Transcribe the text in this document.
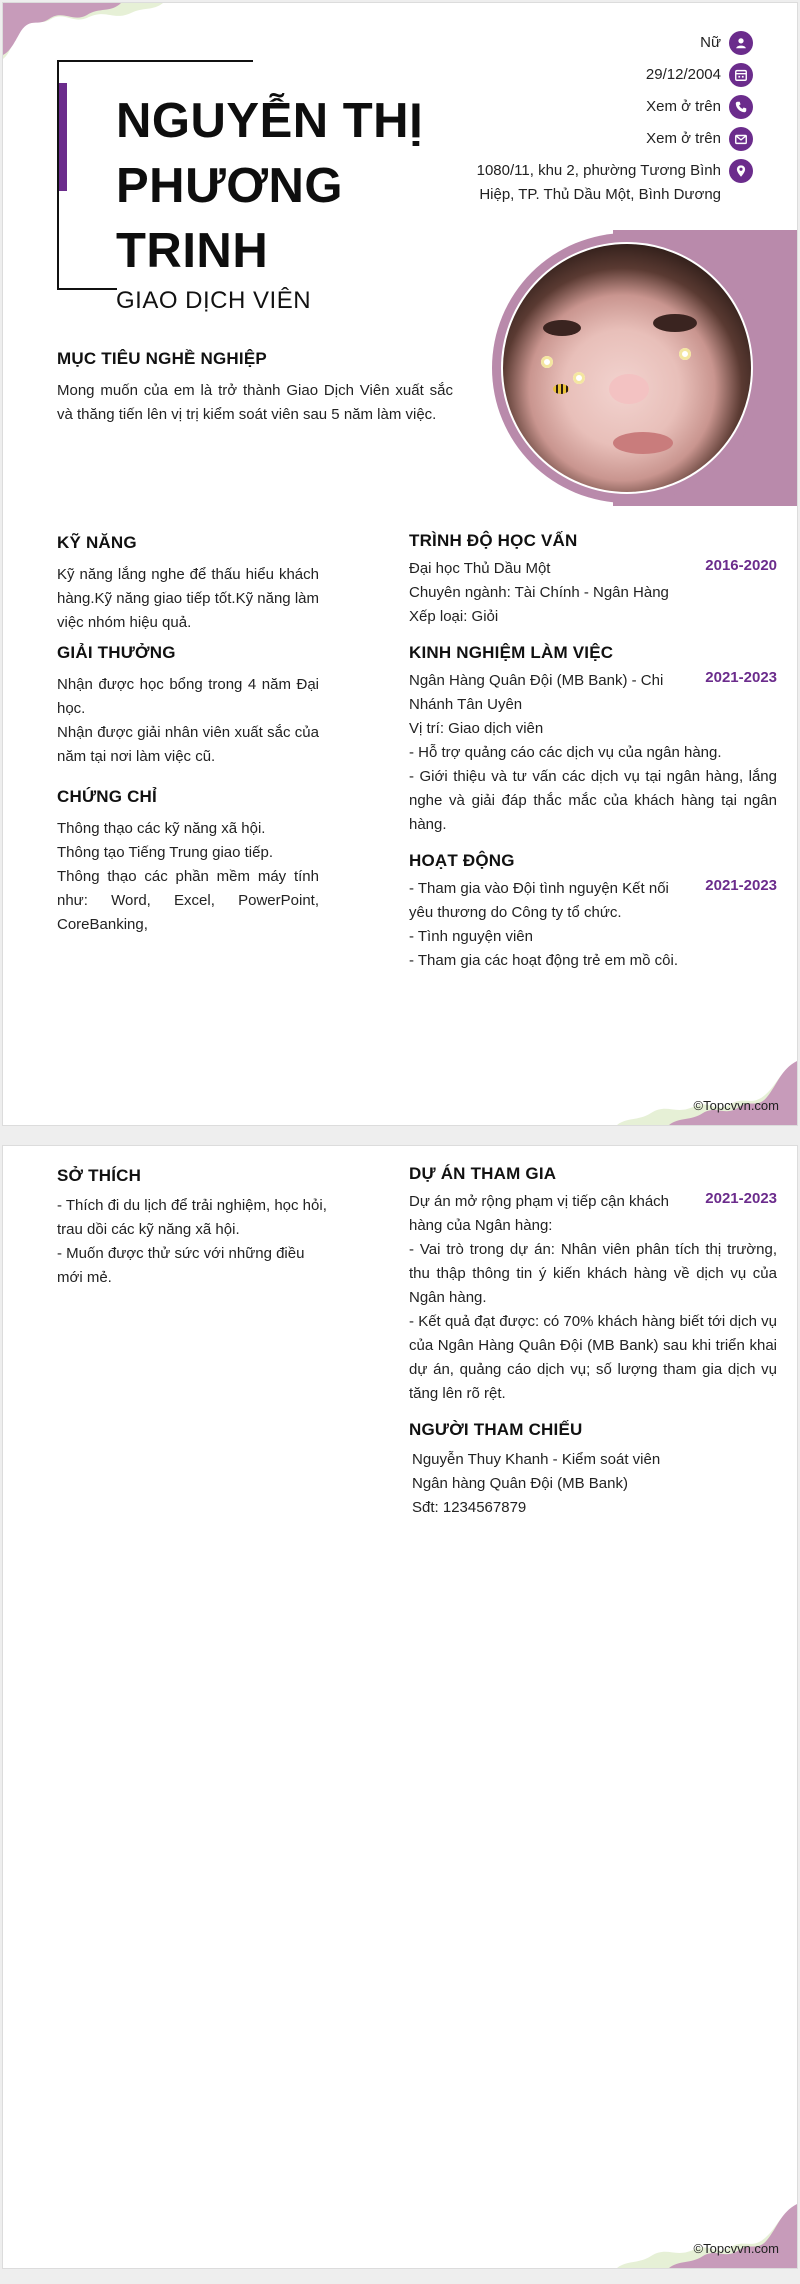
NGUYỄN THỊ
PHƯƠNG
TRINH
GIAO DỊCH VIÊN
Nữ
29/12/2004
Xem ở trên
Xem ở trên
1080/11, khu 2, phường Tương Bình
Hiệp, TP. Thủ Dầu Một, Bình Dương
MỤC TIÊU NGHỀ NGHIỆP
Mong muốn của em là trở thành Giao Dịch Viên xuất sắc và thăng tiến lên vị trị kiểm soát viên sau 5 năm làm việc.
KỸ NĂNG
Kỹ năng lắng nghe để thấu hiểu khách hàng.Kỹ năng giao tiếp tốt.Kỹ năng làm việc nhóm hiệu quả.
GIẢI THƯỞNG

Nhận được học bổng trong 4 năm Đại học.

Nhận được giải nhân viên xuất sắc của năm tại nơi làm việc cũ.

CHỨNG CHỈ

Thông thạo các kỹ năng xã hội.

Thông tạo Tiếng Trung giao tiếp.

Thông thạo các phần mềm máy tính như: Word, Excel, PowerPoint, CoreBanking,

TRÌNH ĐỘ HỌC VẤN

Đại học Thủ Dầu Một

Chuyên ngành: Tài Chính - Ngân Hàng

Xếp loại: Giỏi

2016-2020
KINH NGHIỆM LÀM VIỆC
Ngân Hàng Quân Đội (MB Bank) - Chi Nhánh Tân Uyên
2021-2023

Vị trí: Giao dịch viên

- Hỗ trợ quảng cáo các dịch vụ của ngân hàng.

- Giới thiệu và tư vấn các dịch vụ tại ngân hàng, lắng nghe và giải đáp thắc mắc của khách hàng tại ngân hàng.

HOẠT ĐỘNG
2021-2023

- Tham gia vào Đội tình nguyện Kết nối yêu thương do Công ty tổ chức.

- Tình nguyện viên

- Tham gia các hoạt động trẻ em mồ côi.

©Topcvvn.com
SỞ THÍCH

- Thích đi du lịch để trải nghiệm, học hỏi, trau dồi các kỹ năng xã hội.

- Muốn được thử sức với những điều mới mẻ.

DỰ ÁN THAM GIA
Dự án mở rộng phạm vị tiếp cận khách hàng của Ngân hàng:
2021-2023

- Vai trò trong dự án: Nhân viên phân tích thị trường, thu thập thông tin ý kiến khách hàng về dịch vụ của Ngân hàng.

- Kết quả đạt được: có 70% khách hàng biết tới dịch vụ của Ngân Hàng Quân Đội (MB Bank) sau khi triển khai dự án, quảng cáo dịch vụ; số lượng tham gia dịch vụ tăng lên rõ rệt.

NGƯỜI THAM CHIẾU

Nguyễn Thuy Khanh - Kiểm soát viên

Ngân hàng Quân Đội (MB Bank)

Sđt: 1234567879

©Topcvvn.com
